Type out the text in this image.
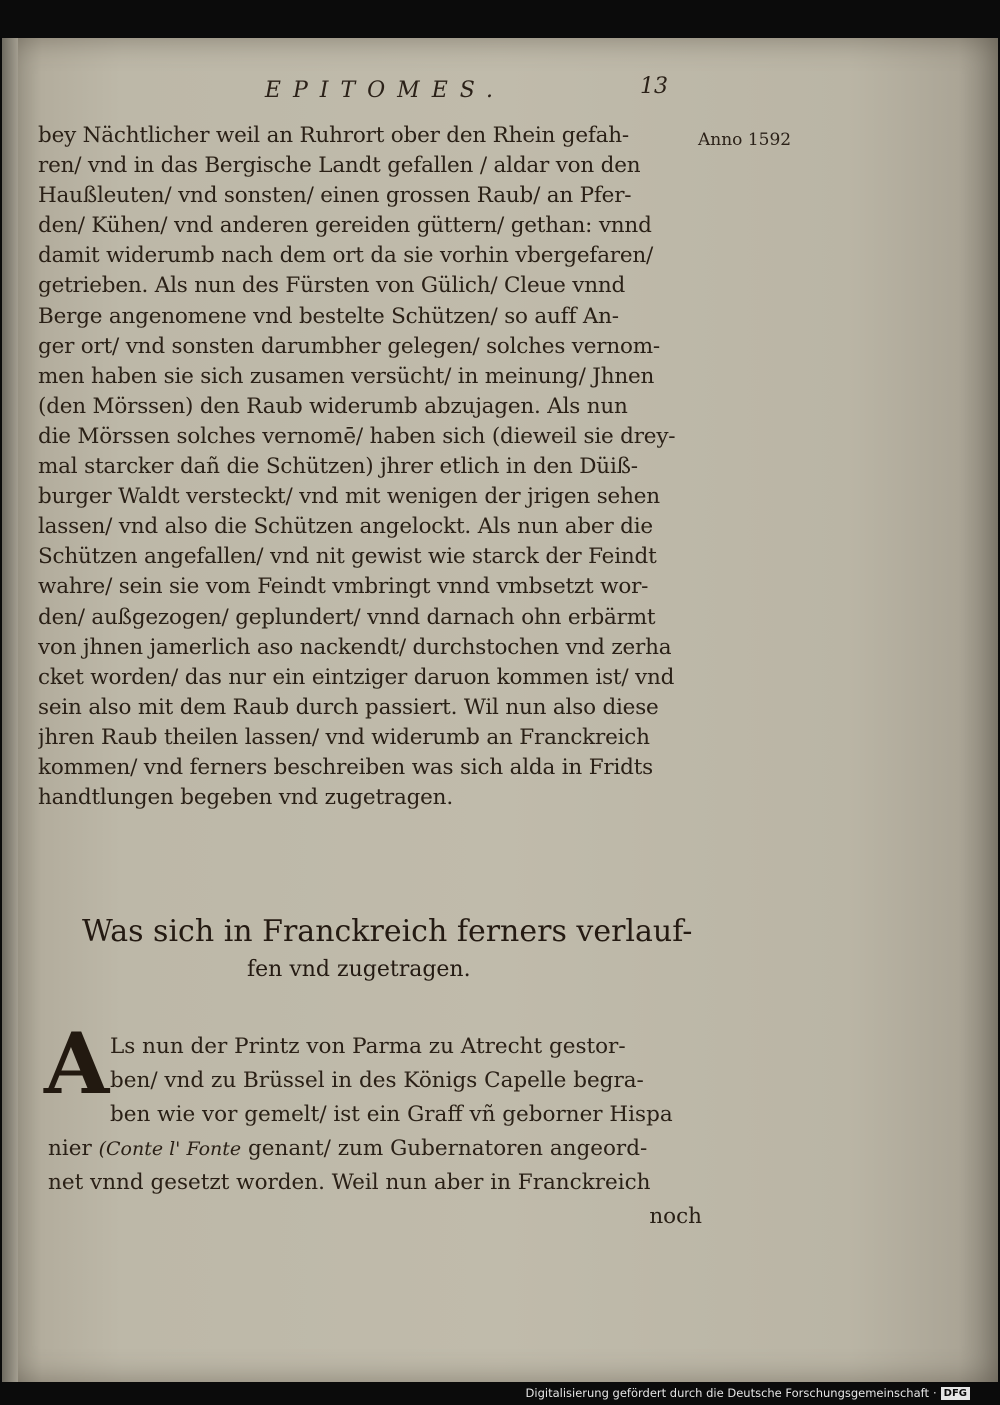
EPITOMES.	13
Anno 1592
bey Nächtlicher weil an Ruhrort ober den Rhein gefah-
ren/ vnd in das Bergische Landt gefallen / aldar von den
Haußleuten/ vnd sonsten/ einen grossen Raub/ an Pfer-
den/ Kühen/ vnd anderen gereiden güttern/ gethan: vnnd
damit widerumb nach dem ort da sie vorhin vbergefaren/
getrieben. Als nun des Fürsten von Gülich/ Cleue vnnd
Berge angenomene vnd bestelte Schützen/ so auff An-
ger ort/ vnd sonsten darumbher gelegen/ solches vernom-
men haben sie sich zusamen versücht/ in meinung/ Jhnen
(den Mörssen) den Raub widerumb abzujagen. Als nun
die Mörssen solches vernomē/ haben sich (dieweil sie drey-
mal starcker dañ die Schützen) jhrer etlich in den Düiß-
burger Waldt versteckt/ vnd mit wenigen der jrigen sehen
lassen/ vnd also die Schützen angelockt. Als nun aber die
Schützen angefallen/ vnd nit gewist wie starck der Feindt
wahre/ sein sie vom Feindt vmbringt vnnd vmbsetzt wor-
den/ außgezogen/ geplundert/ vnnd darnach ohn erbärmt
von jhnen jamerlich aso nackendt/ durchstochen vnd zerha
cket worden/ das nur ein eintziger daruon kommen ist/ vnd
sein also mit dem Raub durch passiert. Wil nun also diese
jhren Raub theilen lassen/ vnd widerumb an Franckreich
kommen/ vnd ferners beschreiben was sich alda in Fridts
handtlungen begeben vnd zugetragen.
Was sich in Franckreich ferners verlauf-
fen vnd zugetragen.
A Ls nun der Printz von Parma zu Atrecht gestor-
ben/ vnd zu Brüssel in des Königs Capelle begra-
ben wie vor gemelt/ ist ein Graff vñ geborner Hispa
nier (Conte l' Fonte genant/ zum Gubernatoren angeord-
net vnnd gesetzt worden. Weil nun aber in Franckreich
noch
Digitalisierung gefördert durch die Deutsche Forschungsgemeinschaft · DFG
